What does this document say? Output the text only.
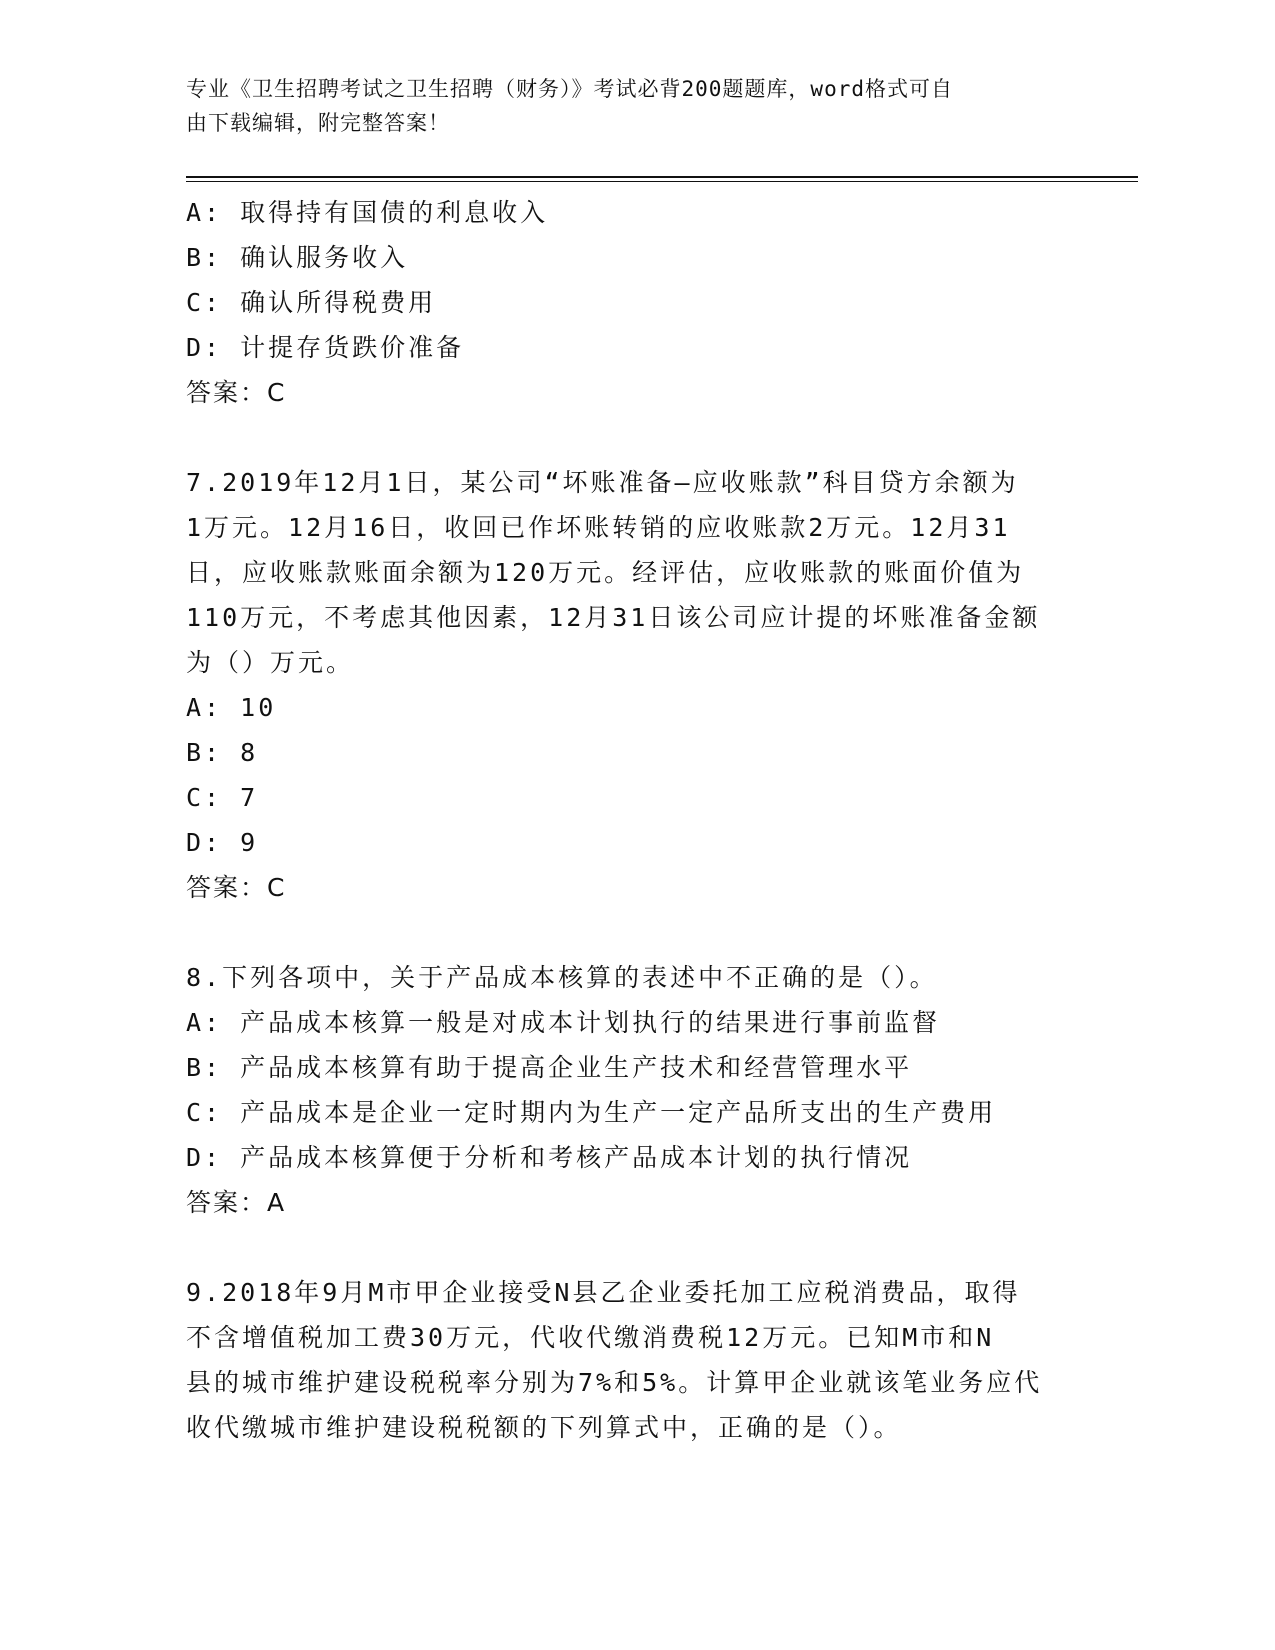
专业《卫生招聘考试之卫生招聘（财务）》考试必背200题题库，word格式可自
由下载编辑，附完整答案！
A: 取得持有国债的利息收入
B: 确认服务收入
C: 确认所得税费用
D: 计提存货跌价准备
答案：C
7.2019年12月1日，某公司“坏账准备—应收账款”科目贷方余额为
1万元。12月16日，收回已作坏账转销的应收账款2万元。12月31
日，应收账款账面余额为120万元。经评估，应收账款的账面价值为
110万元，不考虑其他因素，12月31日该公司应计提的坏账准备金额
为（）万元。
A: 10
B: 8
C: 7
D: 9
答案：C
8.下列各项中，关于产品成本核算的表述中不正确的是（）。
A: 产品成本核算一般是对成本计划执行的结果进行事前监督
B: 产品成本核算有助于提高企业生产技术和经营管理水平
C: 产品成本是企业一定时期内为生产一定产品所支出的生产费用
D: 产品成本核算便于分析和考核产品成本计划的执行情况
答案：A
9.2018年9月M市甲企业接受N县乙企业委托加工应税消费品，取得
不含增值税加工费30万元，代收代缴消费税12万元。已知M市和N
县的城市维护建设税税率分别为7%和5%。计算甲企业就该笔业务应代
收代缴城市维护建设税税额的下列算式中，正确的是（）。
